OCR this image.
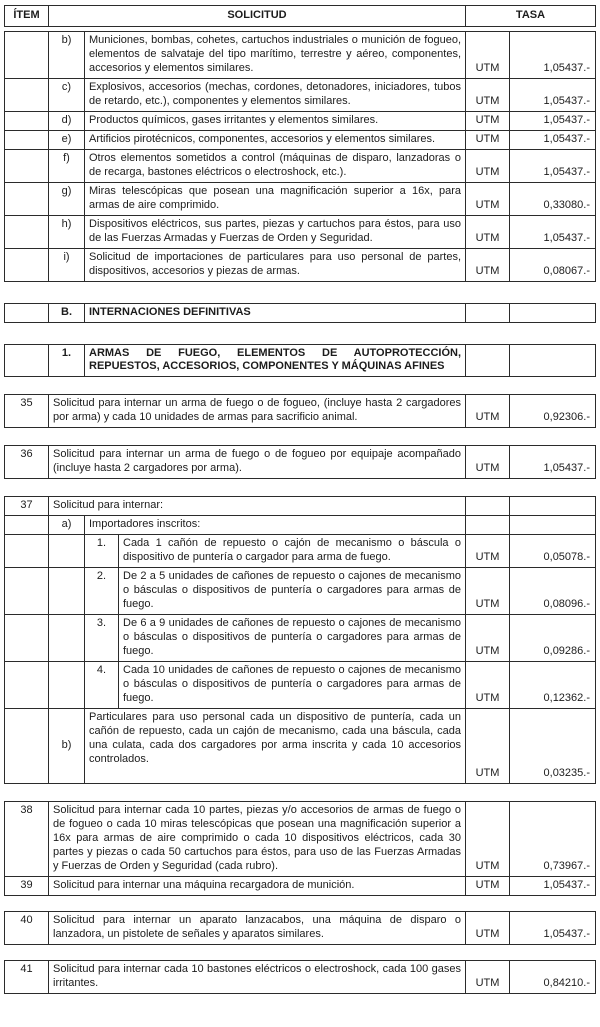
ÍTEM	SOLICITUD	TASA
	b)	Municiones, bombas, cohetes, cartuchos industriales o munición de fogueo, elementos de salvataje del tipo marítimo, terrestre y aéreo, componentes, accesorios y elementos similares.	UTM	1,05437.-
	c)	Explosivos, accesorios (mechas, cordones, detonadores, iniciadores, tubos de retardo, etc.), componentes y elementos similares.	UTM	1,05437.-
	d)	Productos químicos, gases irritantes y elementos similares.	UTM	1,05437.-
	e)	Artificios pirotécnicos, componentes, accesorios y elementos similares.	UTM	1,05437.-
	f)	Otros elementos sometidos a control (máquinas de disparo, lanzadoras o de recarga, bastones eléctricos o electroshock, etc.).	UTM	1,05437.-
	g)	Miras telescópicas que posean una magnificación superior a 16x, para armas de aire comprimido.	UTM	0,33080.-
	h)	Dispositivos eléctricos, sus partes, piezas y cartuchos para éstos, para uso de las Fuerzas Armadas y Fuerzas de Orden y Seguridad.	UTM	1,05437.-
	i)	Solicitud de importaciones de particulares para uso personal de partes, dispositivos, accesorios y piezas de armas.	UTM	0,08067.-
	B.	INTERNACIONES DEFINITIVAS		
	1.	ARMAS DE FUEGO, ELEMENTOS DE AUTOPROTECCIÓN, REPUESTOS, ACCESORIOS, COMPONENTES Y MÁQUINAS AFINES		
35	Solicitud para internar un arma de fuego o de fogueo, (incluye hasta 2 cargadores por arma) y cada 10 unidades de armas para sacrificio animal.	UTM	0,92306.-
36	Solicitud para internar un arma de fuego o de fogueo por equipaje acompañado (incluye hasta 2 cargadores por arma).	UTM	1,05437.-
37	Solicitud para internar:				
	a)	Importadores inscritos:			
		1.	Cada 1 cañón de repuesto o cajón de mecanismo o báscula o dispositivo de puntería o cargador para arma de fuego.	UTM	0,05078.-
		2.	De 2 a 5 unidades de cañones de repuesto o cajones de mecanismo o básculas o dispositivos de puntería o cargadores para armas de fuego.	UTM	0,08096.-
		3.	De 6 a 9 unidades de cañones de repuesto o cajones de mecanismo o básculas o dispositivos de puntería o cargadores para armas de fuego.	UTM	0,09286.-
		4.	Cada 10 unidades de cañones de repuesto o cajones de mecanismo o básculas o dispositivos de puntería o cargadores para armas de fuego.	UTM	0,12362.-
	b)	Particulares para uso personal cada un dispositivo de puntería, cada un cañón de repuesto, cada un cajón de mecanismo, cada una báscula, cada una culata, cada dos cargadores por arma inscrita y cada 10 accesorios controlados.		UTM	0,03235.-
38	Solicitud para internar cada 10 partes, piezas y/o accesorios de armas de fuego o de fogueo o cada 10 miras telescópicas que posean una magnificación superior a 16x para armas de aire comprimido o cada 10 dispositivos eléctricos, cada 30 partes y piezas o cada 50 cartuchos para éstos, para uso de las Fuerzas Armadas y Fuerzas de Orden y Seguridad (cada rubro).	UTM	0,73967.-
39	Solicitud para internar una máquina recargadora de munición.	UTM	1,05437.-
40	Solicitud para internar un aparato lanzacabos, una máquina de disparo o lanzadora, un pistolete de señales y aparatos similares.	UTM	1,05437.-
41	Solicitud para internar cada 10 bastones eléctricos o electroshock, cada 100 gases irritantes.	UTM	0,84210.-
